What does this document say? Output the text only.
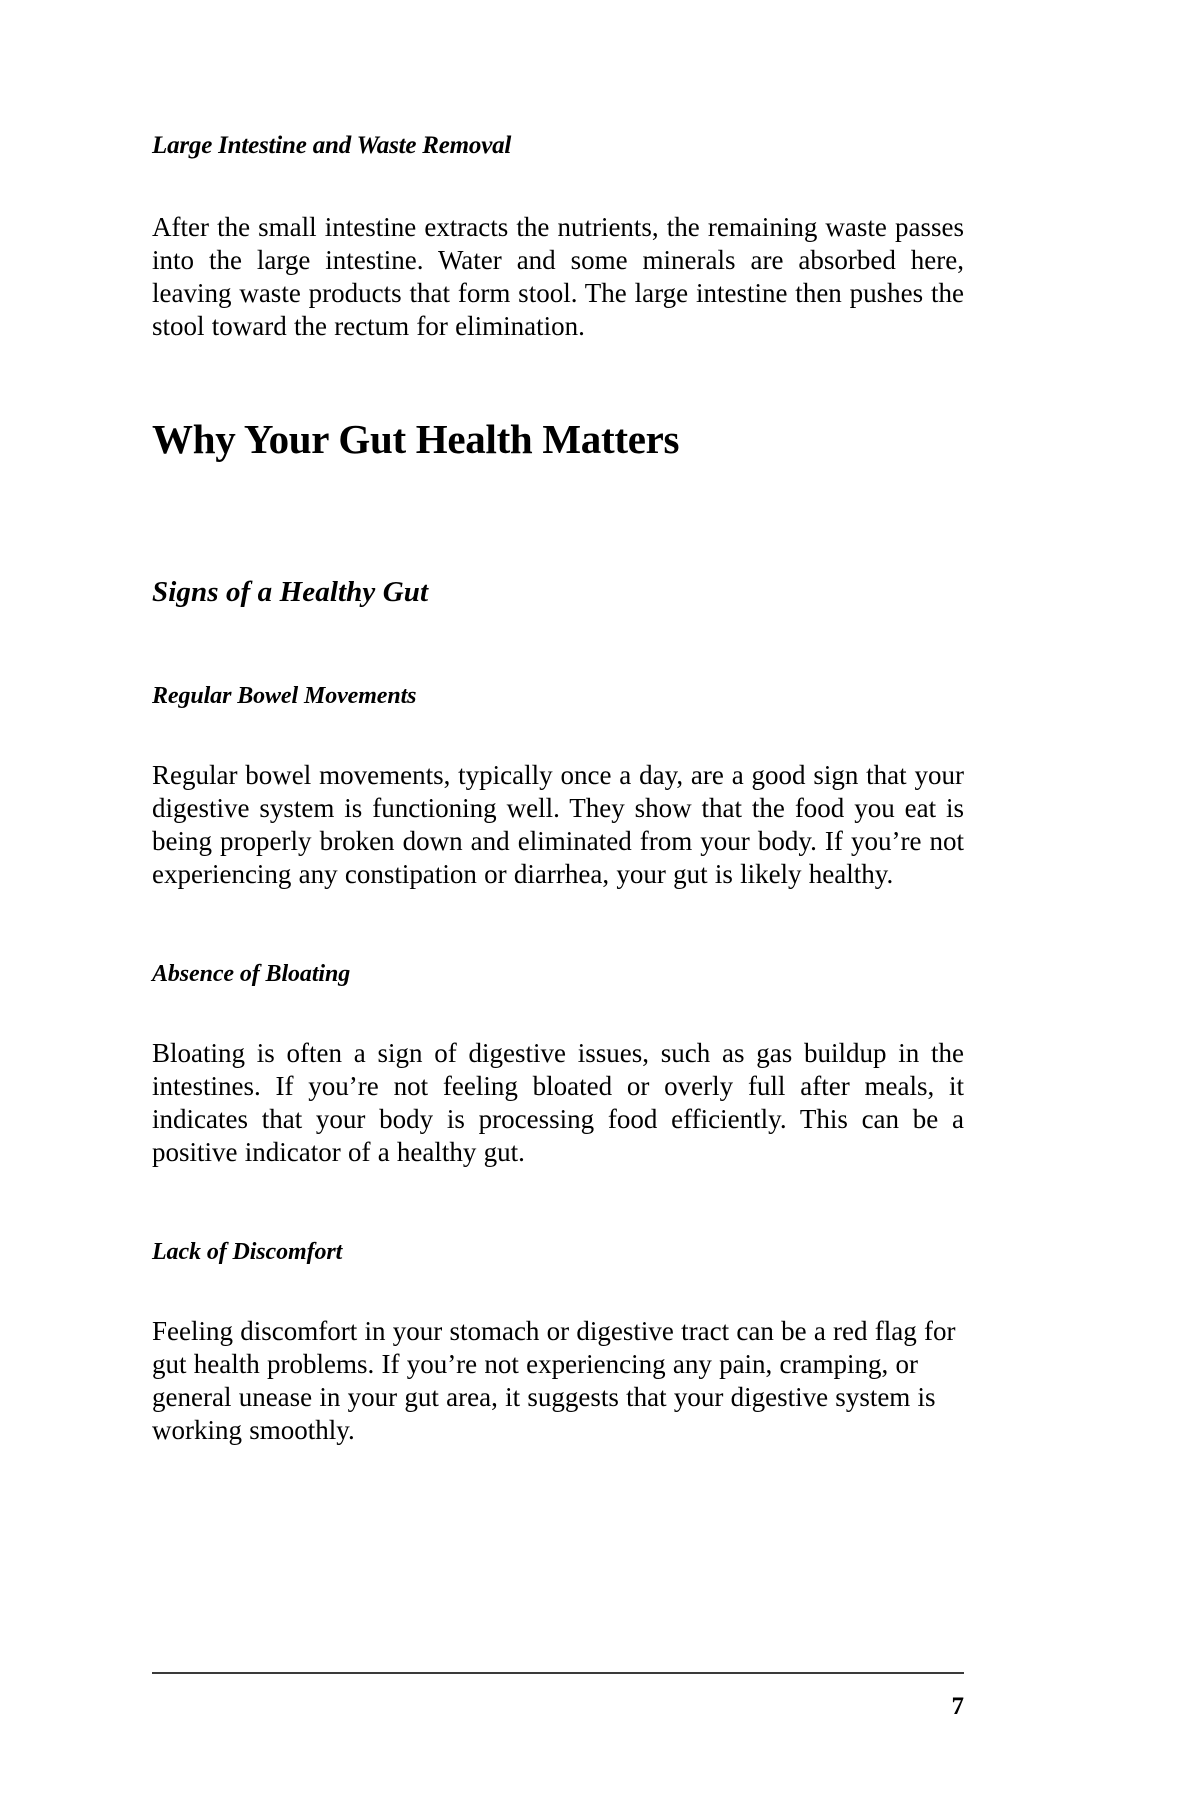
Large Intestine and Waste Removal

After the small intestine extracts the nutrients, the remaining waste passes into the large intestine. Water and some minerals are absorbed here, leaving waste products that form stool. The large intestine then pushes the stool toward the rectum for elimination.

Why Your Gut Health Matters
Signs of a Healthy Gut
Regular Bowel Movements

Regular bowel movements, typically once a day, are a good sign that your digestive system is functioning well. They show that the food you eat is being properly broken down and eliminated from your body. If you’re not experiencing any constipation or diarrhea, your gut is likely healthy.

Absence of Bloating

Bloating is often a sign of digestive issues, such as gas buildup in the intestines. If you’re not feeling bloated or overly full after meals, it indicates that your body is processing food efficiently. This can be a positive indicator of a healthy gut.

Lack of Discomfort

Feeling discomfort in your stomach or digestive tract can be a red flag for gut health problems. If you’re not experiencing any pain, cramping, or general unease in your gut area, it suggests that your digestive system is working smoothly.

7
